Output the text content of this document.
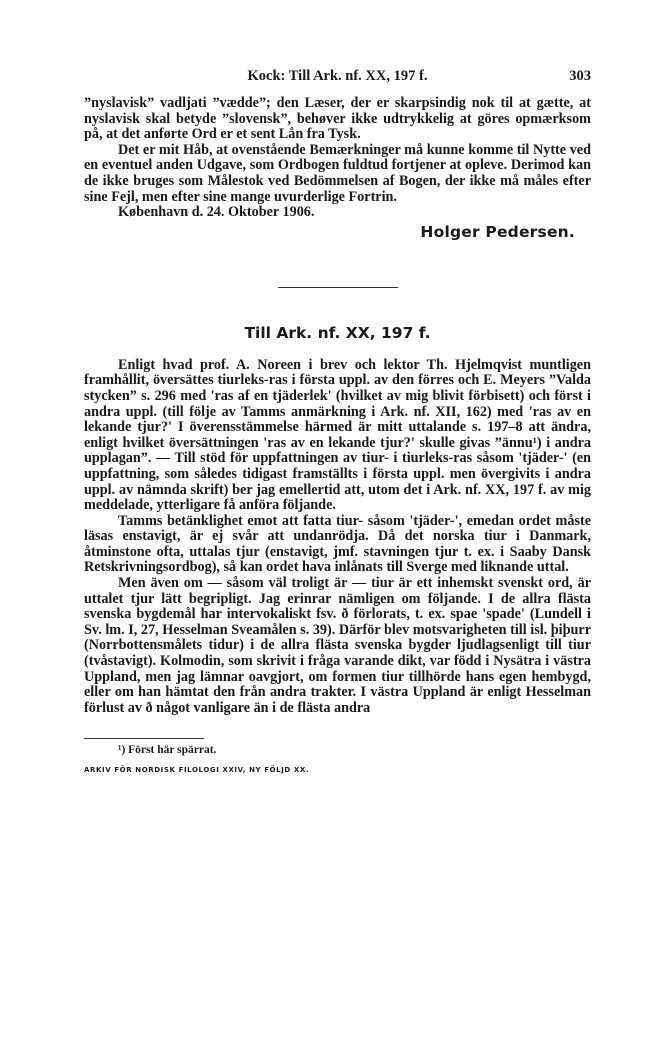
Kock: Till Ark. nf. XX, 197 f.	303

”nyslavisk” vadljati ”vædde”; den Læser, der er skarpsindig nok til at gætte, at nyslavisk skal betyde ”slovensk”, behøver ikke udtrykkelig at göres opmærksom på, at det anførte Ord er et sent Lån fra Tysk.

Det er mit Håb, at ovenstående Bemærkninger må kunne komme til Nytte ved en eventuel anden Udgave, som Ordbogen fuldtud fortjener at opleve. Derimod kan de ikke bruges som Målestok ved Bedömmelsen af Bogen, der ikke må måles efter sine Fejl, men efter sine mange uvurderlige Fortrin.

København d. 24. Oktober 1906.

Holger Pedersen.
Till Ark. nf. XX, 197 f.

Enligt hvad prof. A. Noreen i brev och lektor Th. Hjelmqvist muntligen framhållit, översättes tiurleks-ras i första uppl. av den förres och E. Meyers ”Valda stycken” s. 296 med 'ras af en tjäderlek' (hvilket av mig blivit förbisett) och först i andra uppl. (till följe av Tamms anmärkning i Ark. nf. XII, 162) med 'ras av en lekande tjur?' I överensstämmelse härmed är mitt uttalande s. 197–8 att ändra, enligt hvilket översättningen 'ras av en lekande tjur?' skulle givas ”ännu¹) i andra upplagan”. — Till stöd för uppfattningen av tiur- i tiurleks-ras såsom 'tjäder-' (en uppfattning, som således tidigast framställts i första uppl. men övergivits i andra uppl. av nämnda skrift) ber jag emellertid att, utom det i Ark. nf. XX, 197 f. av mig meddelade, ytterligare få anföra följande.

Tamms betänklighet emot att fatta tiur- såsom 'tjäder-', emedan ordet måste läsas enstavigt, är ej svår att undanrödja. Då det norska tiur i Danmark, åtminstone ofta, uttalas tjur (enstavigt, jmf. stavningen tjur t. ex. i Saaby Dansk Retskrivningsordbog), så kan ordet hava inlånats till Sverge med liknande uttal.

Men även om — såsom väl troligt är — tiur är ett inhemskt svenskt ord, är uttalet tjur lätt begripligt. Jag erinrar nämligen om följande. I de allra flästa svenska bygdemål har intervokaliskt fsv. ð förlorats, t. ex. spae 'spade' (Lundell i Sv. lm. I, 27, Hesselman Sveamålen s. 39). Därför blev motsvarigheten till isl. þiþurr (Norrbottensmålets tidur) i de allra flästa svenska bygder ljudlagsenligt till tiur (tvåstavigt). Kolmodin, som skrivit i fråga varande dikt, var född i Nysätra i västra Uppland, men jag lämnar oavgjort, om formen tiur tillhörde hans egen hembygd, eller om han hämtat den från andra trakter. I västra Uppland är enligt Hesselman förlust av ð något vanligare än i de flästa andra

¹) Först här spärrat.
ARKIV FÖR NORDISK FILOLOGI XXIV, NY FÖLJD XX.
